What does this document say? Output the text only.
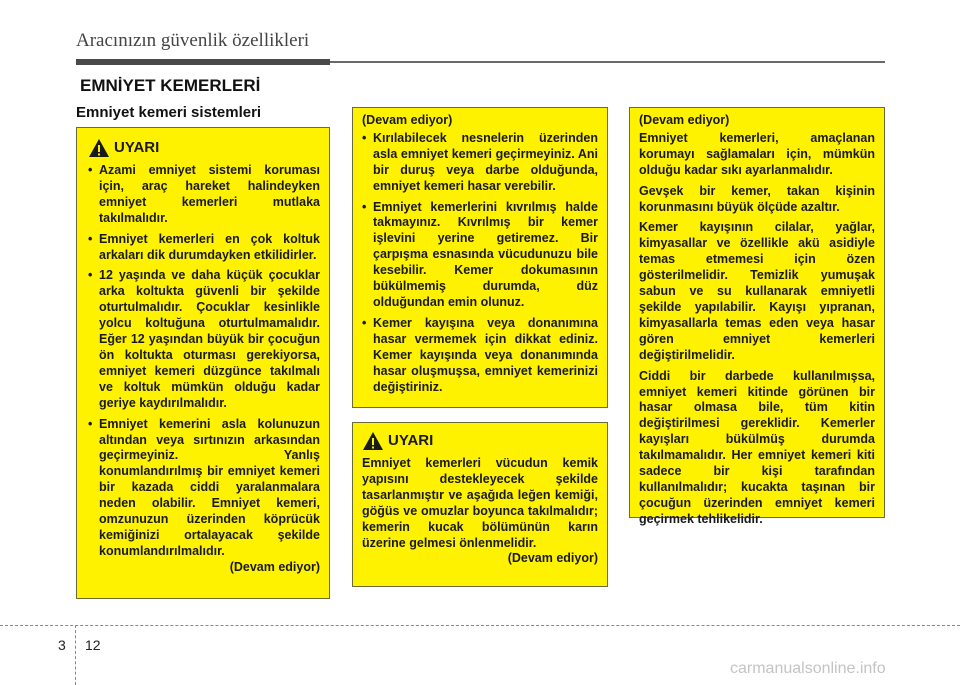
Aracınızın güvenlik özellikleri
EMNİYET KEMERLERİ
Emniyet kemeri sistemleri
UYARI
• Azami emniyet sistemi koruması için, araç hareket halindeyken emniyet kemerleri mutlaka takılmalıdır.
• Emniyet kemerleri en çok koltuk arkaları dik durumdayken etkilidirler.
• 12 yaşında ve daha küçük çocuklar arka koltukta güvenli bir şekilde oturtulmalıdır. Çocuklar kesinlikle yolcu koltuğuna oturtulmamalıdır. Eğer 12 yaşından büyük bir çocuğun ön koltukta oturması gerekiyorsa, emniyet kemeri düzgünce takılmalı ve koltuk mümkün olduğu kadar geriye kaydırılmalıdır.
• Emniyet kemerini asla kolunuzun altından veya sırtınızın arkasından geçirmeyiniz. Yanlış konumlandırılmış bir emniyet kemeri bir kazada ciddi yaralanmalara neden olabilir. Emniyet kemeri, omzunuzun üzerinden köprücük kemiğinizi ortalayacak şekilde konumlandırılmalıdır.
(Devam ediyor)
(Devam ediyor)
• Kırılabilecek nesnelerin üzerinden asla emniyet kemeri geçirmeyiniz. Ani bir duruş veya darbe olduğunda, emniyet kemeri hasar verebilir.
• Emniyet kemerlerini kıvrılmış halde takmayınız. Kıvrılmış bir kemer işlevini yerine getiremez. Bir çarpışma esnasında vücudunuzu bile kesebilir. Kemer dokumasının bükülmemiş durumda, düz olduğundan emin olunuz.
• Kemer kayışına veya donanımına hasar vermemek için dikkat ediniz. Kemer kayışında veya donanımında hasar oluşmuşsa, emniyet kemerinizi değiştiriniz.
UYARI
Emniyet kemerleri vücudun kemik yapısını destekleyecek şekilde tasarlanmıştır ve aşağıda leğen kemiği, göğüs ve omuzlar boyunca takılmalıdır; kemerin kucak bölümünün karın üzerine gelmesi önlenmelidir.
(Devam ediyor)
(Devam ediyor)
Emniyet kemerleri, amaçlanan korumayı sağlamaları için, mümkün olduğu kadar sıkı ayarlanmalıdır.
Gevşek bir kemer, takan kişinin korunmasını büyük ölçüde azaltır.
Kemer kayışının cilalar, yağlar, kimyasallar ve özellikle akü asidiyle temas etmemesi için özen gösterilmelidir. Temizlik yumuşak sabun ve su kullanarak emniyetli şekilde yapılabilir. Kayışı yıpranan, kimyasallarla temas eden veya hasar gören emniyet kemerleri değiştirilmelidir.
Ciddi bir darbede kullanılmışsa, emniyet kemeri kitinde görünen bir hasar olmasa bile, tüm kitin değiştirilmesi gereklidir. Kemerler kayışları bükülmüş durumda takılmamalıdır. Her emniyet kemeri kiti sadece bir kişi tarafından kullanılmalıdır; kucakta taşınan bir çocuğun üzerinden emniyet kemeri geçirmek tehlikelidir.
3 12
carmanualsonline.info
